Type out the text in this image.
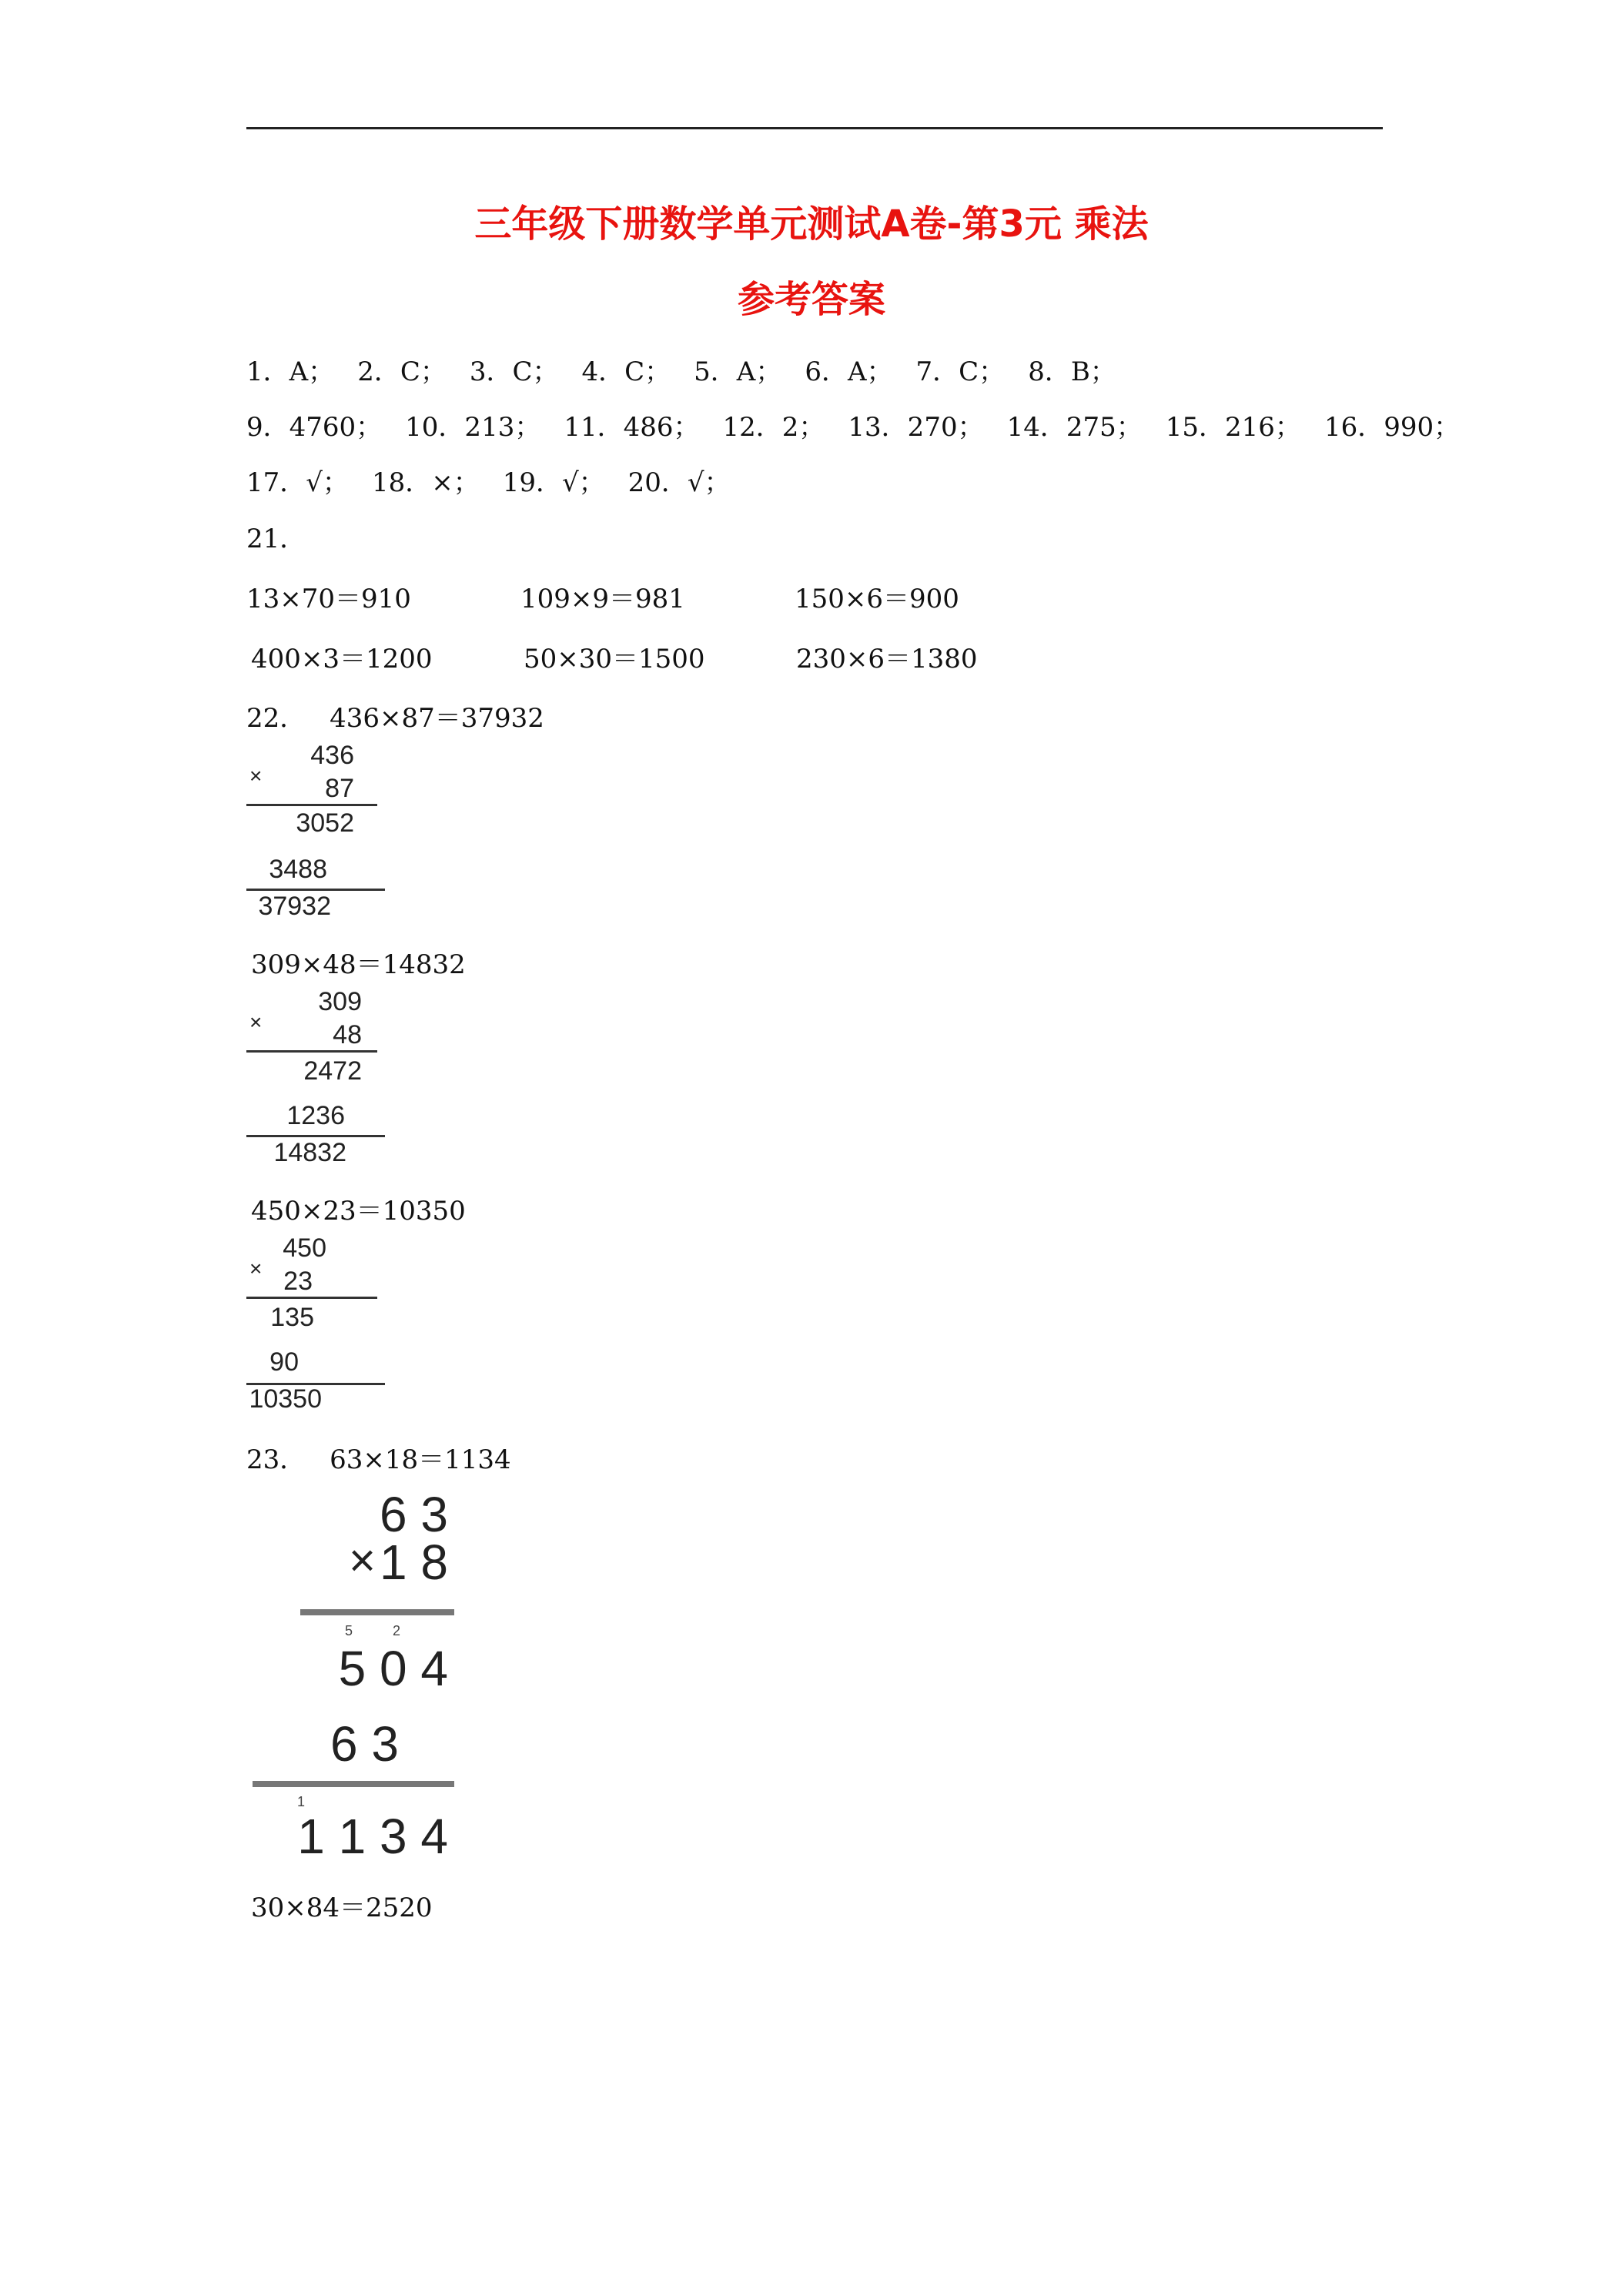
三年级下册数学单元测试A卷-第3元 乘法
参考答案
1．A； 2．C； 3．C； 4．C； 5．A； 6．A； 7．C； 8．B；
9．4760； 10．213； 11．486； 12．2； 13．270； 14．275； 15．216； 16．990；
17．√； 18．×； 19．√； 20．√；
21．
13×70＝910	109×9＝981	150×6＝900
400×3＝1200	50×30＝1500	230×6＝1380
22． 436×87＝37932
436
× 87
3052
3488
37932
309×48＝14832
309
×	48
2472
1236
14832
450×23＝10350
450
× 23
135
90
10350
23． 63×18＝1134
6 3
× 1 8
5	2
5 0 4
6 3
1
1 1 3 4
30×84＝2520
